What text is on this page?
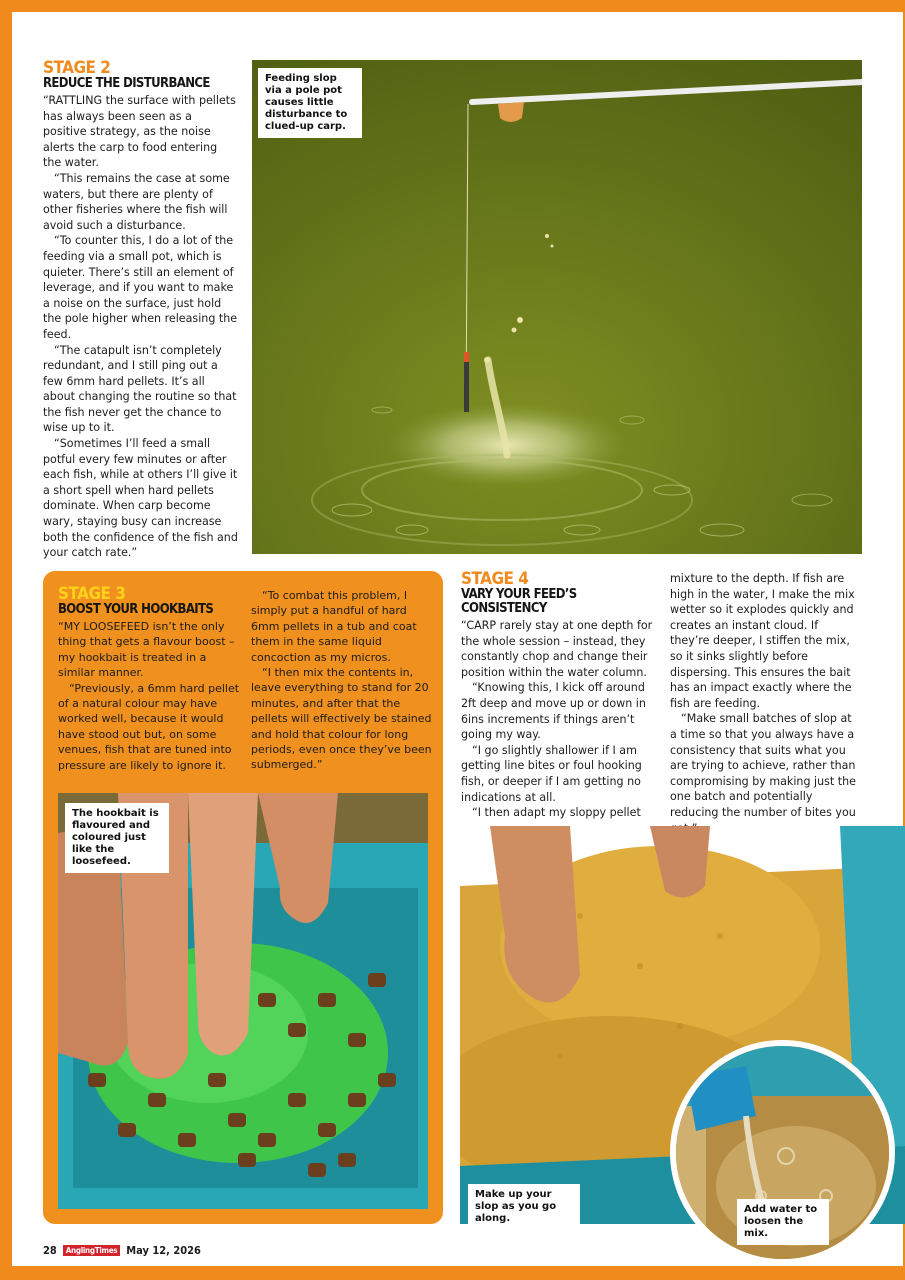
STAGE 2
REDUCE THE DISTURBANCE

“RATTLING the surface with pellets has always been seen as a positive strategy, as the noise alerts the carp to food entering the water.

“This remains the case at some waters, but there are plenty of other fisheries where the fish will avoid such a disturbance.

“To counter this, I do a lot of the feeding via a small pot, which is quieter. There’s still an element of leverage, and if you want to make a noise on the surface, just hold the pole higher when releasing the feed.

“The catapult isn’t completely redundant, and I still ping out a few 6mm hard pellets. It’s all about changing the routine so that the fish never get the chance to wise up to it.

“Sometimes I’ll feed a small potful every few minutes or after each fish, while at others I’ll give it a short spell when hard pellets dominate. When carp become wary, staying busy can increase both the confidence of the fish and your catch rate.”

Feeding slop via a pole pot causes little disturbance to clued-up carp.
STAGE 3
BOOST YOUR HOOKBAITS

“MY LOOSEFEED isn’t the only thing that gets a flavour boost – my hookbait is treated in a similar manner.

“Previously, a 6mm hard pellet of a natural colour may have worked well, because it would have stood out but, on some venues, fish that are tuned into pressure are likely to ignore it.

“To combat this problem, I simply put a handful of hard 6mm pellets in a tub and coat them in the same liquid concoction as my micros.

“I then mix the contents in, leave everything to stand for 20 minutes, and after that the pellets will effectively be stained and hold that colour for long periods, even once they’ve been submerged.”

The hookbait is flavoured and coloured just like the loosefeed.
STAGE 4
VARY YOUR FEED’S CONSISTENCY

“CARP rarely stay at one depth for the whole session – instead, they constantly chop and change their position within the water column.

“Knowing this, I kick off around 2ft deep and move up or down in 6ins increments if things aren’t going my way.

“I go slightly shallower if I am getting line bites or foul hooking fish, or deeper if I am getting no indications at all.

“I then adapt my sloppy pellet

mixture to the depth. If fish are high in the water, I make the mix wetter so it explodes quickly and creates an instant cloud. If they’re deeper, I stiffen the mix, so it sinks slightly before dispersing. This ensures the bait has an impact exactly where the fish are feeding.

“Make small batches of slop at a time so that you always have a consistency that suits what you are trying to achieve, rather than compromising by making just the one batch and potentially reducing the number of bites you

Make up your slop as you go along.
Add water to loosen the mix.
28	AnglingTimes May 12, 2026
